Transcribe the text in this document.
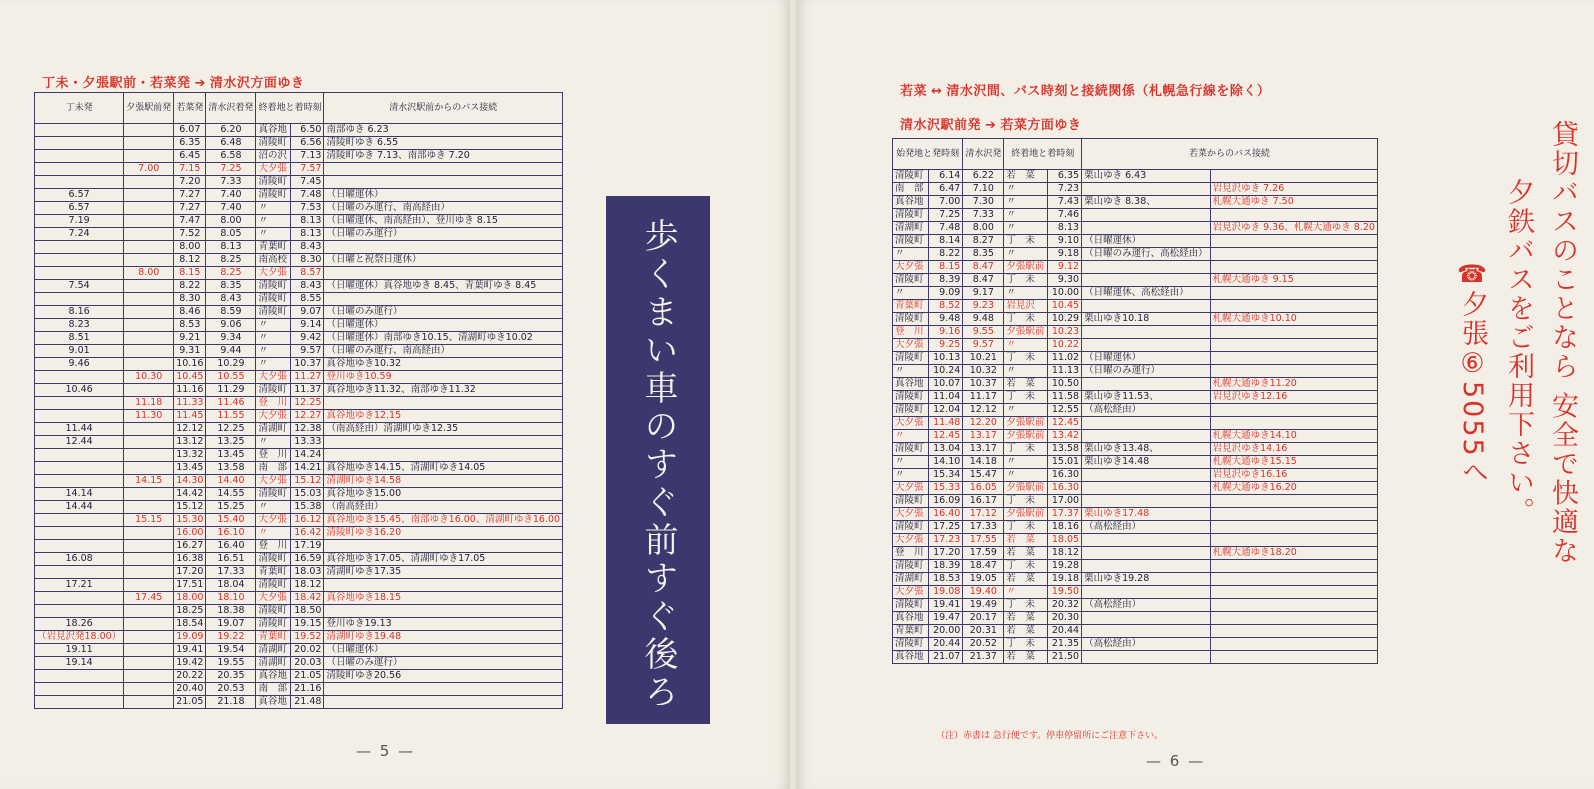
丁未・夕張駅前・若菜発 ➔ 清水沢方面ゆき
丁未発	夕張駅前発	若菜発	清水沢着発	終着地と着時刻		清水沢駅前からのバス接続
		6.07	6.20	真谷地	6.50	南部ゆき 6.23
		6.35	6.48	清陵町	6.56	清陵町ゆき 6.55
		6.45	6.58	沼の沢	7.13	清陵町ゆき 7.13、南部ゆき 7.20
	7.00	7.15	7.25	大夕張	7.57	
		7.20	7.33	清陵町	7.45	
6.57		7.27	7.40	清陵町	7.48	（日曜運休）
6.57		7.27	7.40	〃	7.53	（日曜のみ運行、南高経由）
7.19		7.47	8.00	〃	8.13	（日曜運休、南高経由）、登川ゆき 8.15
7.24		7.52	8.05	〃	8.13	（日曜のみ運行）
		8.00	8.13	青葉町	8.43	
		8.12	8.25	南高校	8.30	（日曜と祝祭日運休）
	8.00	8.15	8.25	大夕張	8.57	
7.54		8.22	8.35	清陵町	8.43	（日曜運休）真谷地ゆき 8.45、青葉町ゆき 8.45
		8.30	8.43	清陵町	8.55	
8.16		8.46	8.59	清陵町	9.07	（日曜のみ運行）
8.23		8.53	9.06	〃	9.14	（日曜運休）
8.51		9.21	9.34	〃	9.42	（日曜運休）南部ゆき10.15、清湖町ゆき10.02
9.01		9.31	9.44	〃	9.57	（日曜のみ運行、南高経由）
9.46		10.16	10.29	〃	10.37	真谷地ゆき10.32
	10.30	10.45	10.55	大夕張	11.27	登川ゆき10.59
10.46		11.16	11.29	清陵町	11.37	真谷地ゆき11.32、南部ゆき11.32
	11.18	11.33	11.46	登　川	12.25	
	11.30	11.45	11.55	大夕張	12.27	真谷地ゆき12.15
11.44		12.12	12.25	清湖町	12.38	（南高経由）清湖町ゆき12.35
12.44		13.12	13.25	〃	13.33	
		13.32	13.45	登　川	14.24	
		13.45	13.58	南　部	14.21	真谷地ゆき14.15、清湖町ゆき14.05
	14.15	14.30	14.40	大夕張	15.12	清湖町ゆき14.58
14.14		14.42	14.55	清陵町	15.03	真谷地ゆき15.00
14.44		15.12	15.25	〃	15.38	（南高経由）
	15.15	15.30	15.40	大夕張	16.12	真谷地ゆき15.45、南部ゆき16.00、清湖町ゆき16.00
		16.00	16.10	〃	16.42	清陵町ゆき16.20
		16.27	16.40	登　川	17.19	
16.08		16.38	16.51	清陵町	16.59	真谷地ゆき17.05、清湖町ゆき17.05
		17.20	17.33	青葉町	18.03	清湖町ゆき17.35
17.21		17.51	18.04	清陵町	18.12	
	17.45	18.00	18.10	大夕張	18.42	真谷地ゆき18.15
		18.25	18.38	清陵町	18.50	
18.26		18.54	19.07	清陵町	19.15	登川ゆき19.13
（岩見沢発18.00）		19.09	19.22	青葉町	19.52	清湖町ゆき19.48
19.11		19.41	19.54	清湖町	20.02	（日曜運休）
19.14		19.42	19.55	清湖町	20.03	（日曜のみ運行）
		20.22	20.35	真谷地	21.05	清陵町ゆき20.56
		20.40	20.53	南　部	21.16	
		21.05	21.18	真谷地	21.48		歩くまい車のすぐ前すぐ後ろ
— 5 —
若菜 ↔ 清水沢間、バス時刻と接続関係（札幌急行線を除く）
清水沢駅前発 ➔ 若菜方面ゆき
始発地と発時刻		清水沢発	終着地と着時刻		若菜からのバス接続	
清陵町	6.14	6.22	若　菜	6.35	栗山ゆき 6.43	
南　部	6.47	7.10	〃	7.23		岩見沢ゆき 7.26
真谷地	7.00	7.30	〃	7.43	栗山ゆき 8.38、	札幌大通ゆき 7.50
清陵町	7.25	7.33	〃	7.46		
清湖町	7.48	8.00	〃	8.13		岩見沢ゆき 9.36、札幌大通ゆき 8.20
清陵町	8.14	8.27	丁　未	9.10	（日曜運休）	
〃	8.22	8.35	〃	9.18	（日曜のみ運行、高松経由）	
大夕張	8.15	8.47	夕張駅前	9.12		
清陵町	8.39	8.47	丁　未	9.30		札幌大通ゆき 9.15
〃	9.09	9.17	〃	10.00	（日曜運休、高松経由）	
青葉町	8.52	9.23	岩見沢	10.45		
清陵町	9.48	9.48	丁　未	10.29	栗山ゆき10.18	札幌大通ゆき10.10
登　川	9.16	9.55	夕張駅前	10.23		
大夕張	9.25	9.57	〃	10.22		
清陵町	10.13	10.21	丁　未	11.02	（日曜運休）	
〃	10.24	10.32	〃	11.13	（日曜のみ運行）	
真谷地	10.07	10.37	若　菜	10.50		札幌大通ゆき11.20
清陵町	11.04	11.17	丁　未	11.58	栗山ゆき11.53、	岩見沢ゆき12.16
清陵町	12.04	12.12	〃	12.55	（高松経由）	
大夕張	11.48	12.20	夕張駅前	12.45		
〃	12.45	13.17	夕張駅前	13.42		札幌大通ゆき14.10
清陵町	13.04	13.17	丁　未	13.58	栗山ゆき13.48、	岩見沢ゆき14.16
〃	14.10	14.18	〃	15.01	栗山ゆき14.48	札幌大通ゆき15.15
〃	15.34	15.47	〃	16.30		岩見沢ゆき16.16
大夕張	15.33	16.05	夕張駅前	16.30		札幌大通ゆき16.20
清陵町	16.09	16.17	丁　未	17.00		
大夕張	16.40	17.12	夕張駅前	17.37	栗山ゆき17.48	
清陵町	17.25	17.33	丁　未	18.16	（高松経由）	
大夕張	17.23	17.55	若　菜	18.05		
登　川	17.20	17.59	若　菜	18.12		札幌大通ゆき18.20
清陵町	18.39	18.47	丁　未	19.28		
清湖町	18.53	19.05	若　菜	19.18	栗山ゆき19.28	
大夕張	19.08	19.40	〃	19.50		
清陵町	19.41	19.49	丁　未	20.32	（高松経由）	
真谷地	19.47	20.17	若　菜	20.30		
青葉町	20.00	20.31	若　菜	20.44		
清陵町	20.44	20.52	丁　未	21.35	（高松経由）	
真谷地	21.07	21.37	若　菜	21.50		
（注）赤書は 急行便です。停車停留所にご注意下さい。
貸切バスのことなら 安全で快適な
夕鉄バスをご利用下さい。
☎夕張⑥5055へ
— 6 —
